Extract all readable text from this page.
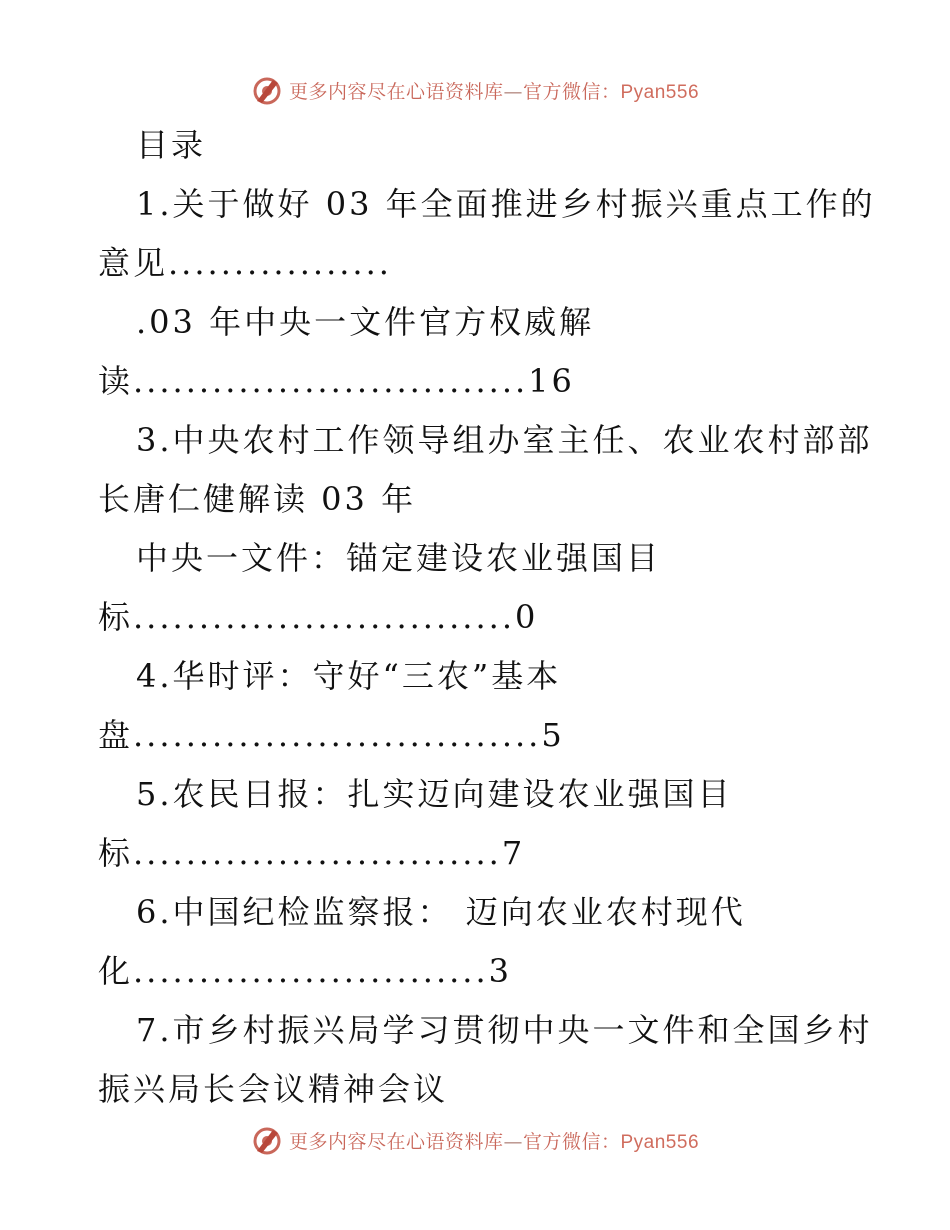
更多内容尽在心语资料库—官方微信：Pyan556
目录
1.关于做好 03 年全面推进乡村振兴重点工作的
意见.................
.03 年中央一文件官方权威解
读..............................16
3.中央农村工作领导组办室主任、农业农村部部
长唐仁健解读 03 年
中央一文件：锚定建设农业强国目
标.............................0
4.华时评：守好“三农”基本
盘...............................5
5.农民日报：扎实迈向建设农业强国目
标............................7
6.中国纪检监察报： 迈向农业农村现代
化...........................3
7.市乡村振兴局学习贯彻中央一文件和全国乡村
振兴局长会议精神会议
更多内容尽在心语资料库—官方微信：Pyan556
